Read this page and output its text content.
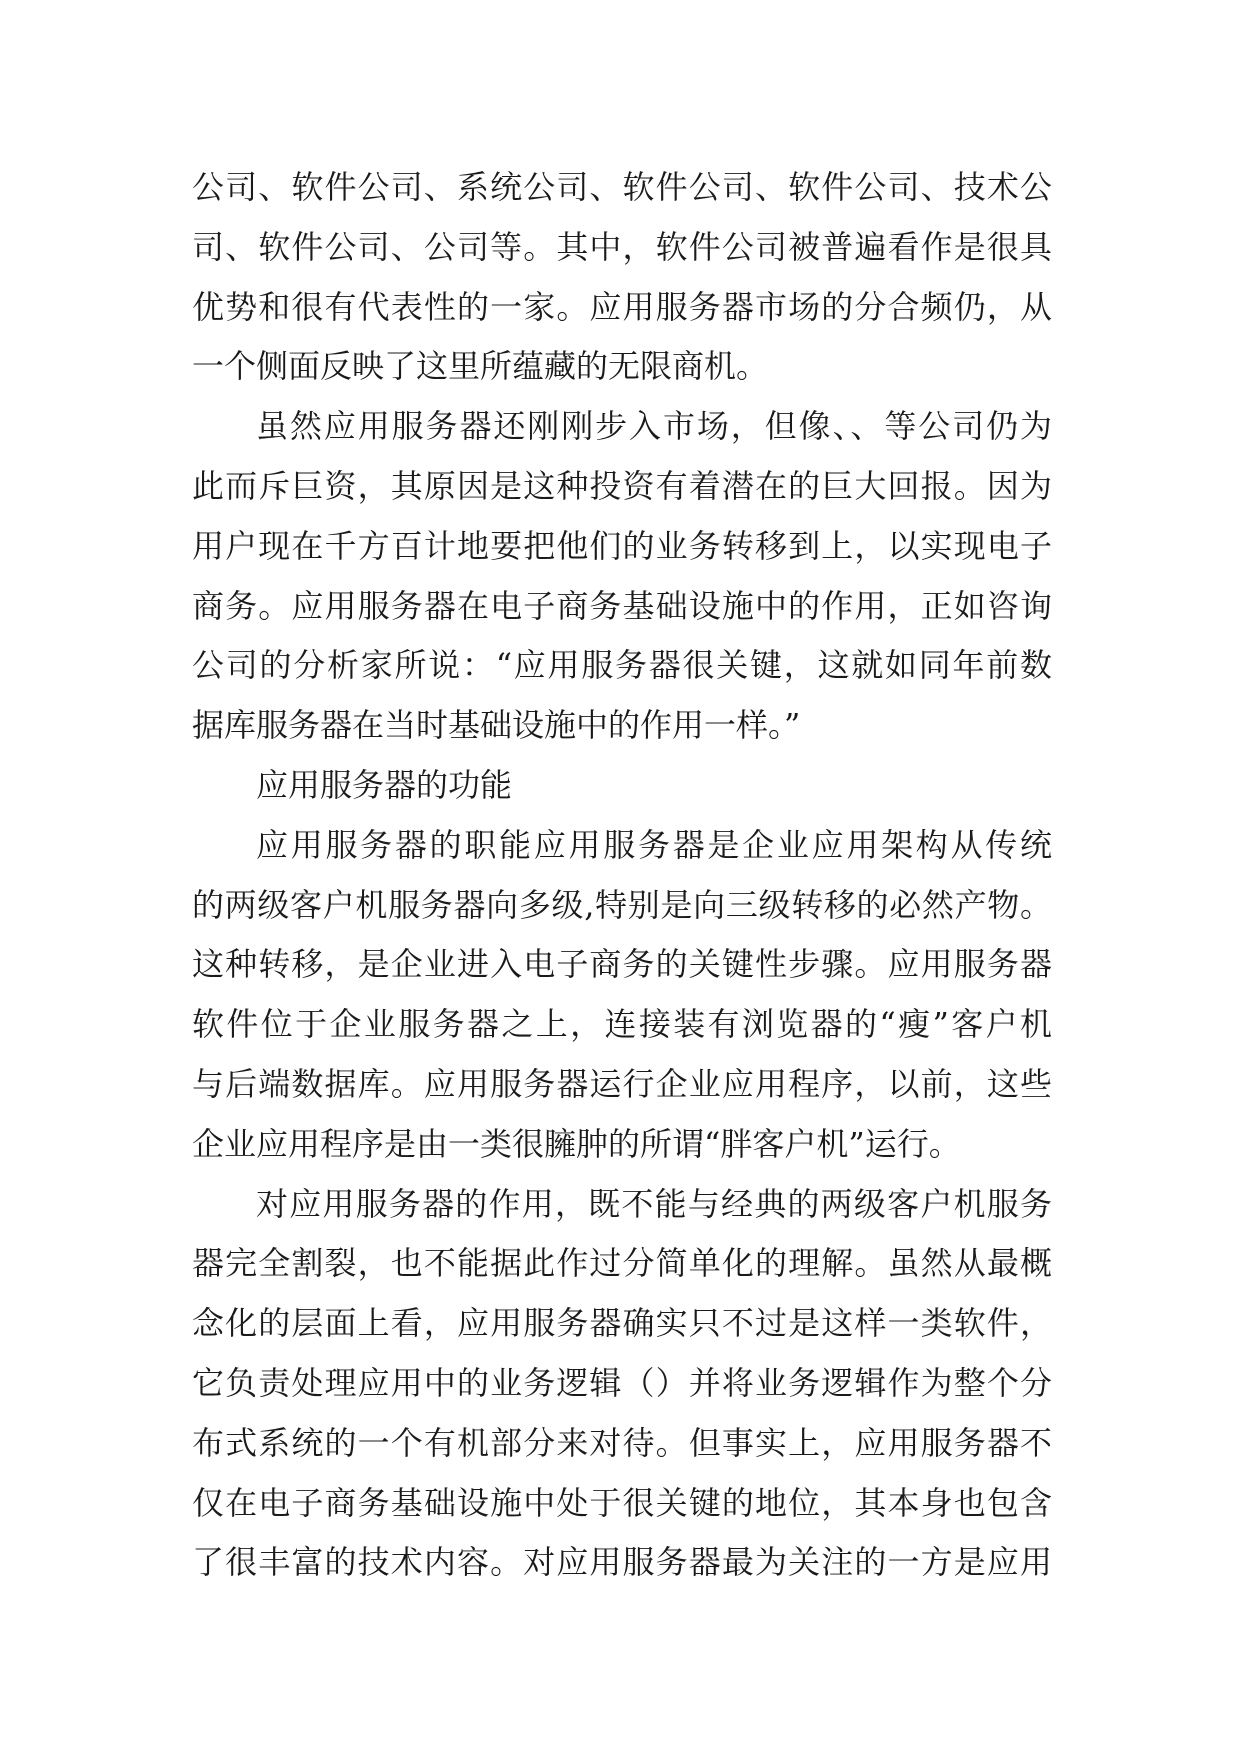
公司、软件公司、系统公司、软件公司、软件公司、技术公
司、软件公司、公司等。其中，软件公司被普遍看作是很具
优势和很有代表性的一家。应用服务器市场的分合频仍，从
一个侧面反映了这里所蕴藏的无限商机。
虽然应用服务器还刚刚步入市场，但像、、等公司仍为
此而斥巨资，其原因是这种投资有着潜在的巨大回报。因为
用户现在千方百计地要把他们的业务转移到上，以实现电子
商务。应用服务器在电子商务基础设施中的作用，正如咨询
公司的分析家所说：“应用服务器很关键，这就如同年前数
据库服务器在当时基础设施中的作用一样。”
应用服务器的功能
应用服务器的职能应用服务器是企业应用架构从传统
的两级客户机服务器向多级,特别是向三级转移的必然产物。
这种转移，是企业进入电子商务的关键性步骤。应用服务器
软件位于企业服务器之上，连接装有浏览器的“瘦”客户机
与后端数据库。应用服务器运行企业应用程序，以前，这些
企业应用程序是由一类很臃肿的所谓“胖客户机”运行。
对应用服务器的作用，既不能与经典的两级客户机服务
器完全割裂，也不能据此作过分简单化的理解。虽然从最概
念化的层面上看，应用服务器确实只不过是这样一类软件，
它负责处理应用中的业务逻辑（）并将业务逻辑作为整个分
布式系统的一个有机部分来对待。但事实上，应用服务器不
仅在电子商务基础设施中处于很关键的地位，其本身也包含
了很丰富的技术内容。对应用服务器最为关注的一方是应用
